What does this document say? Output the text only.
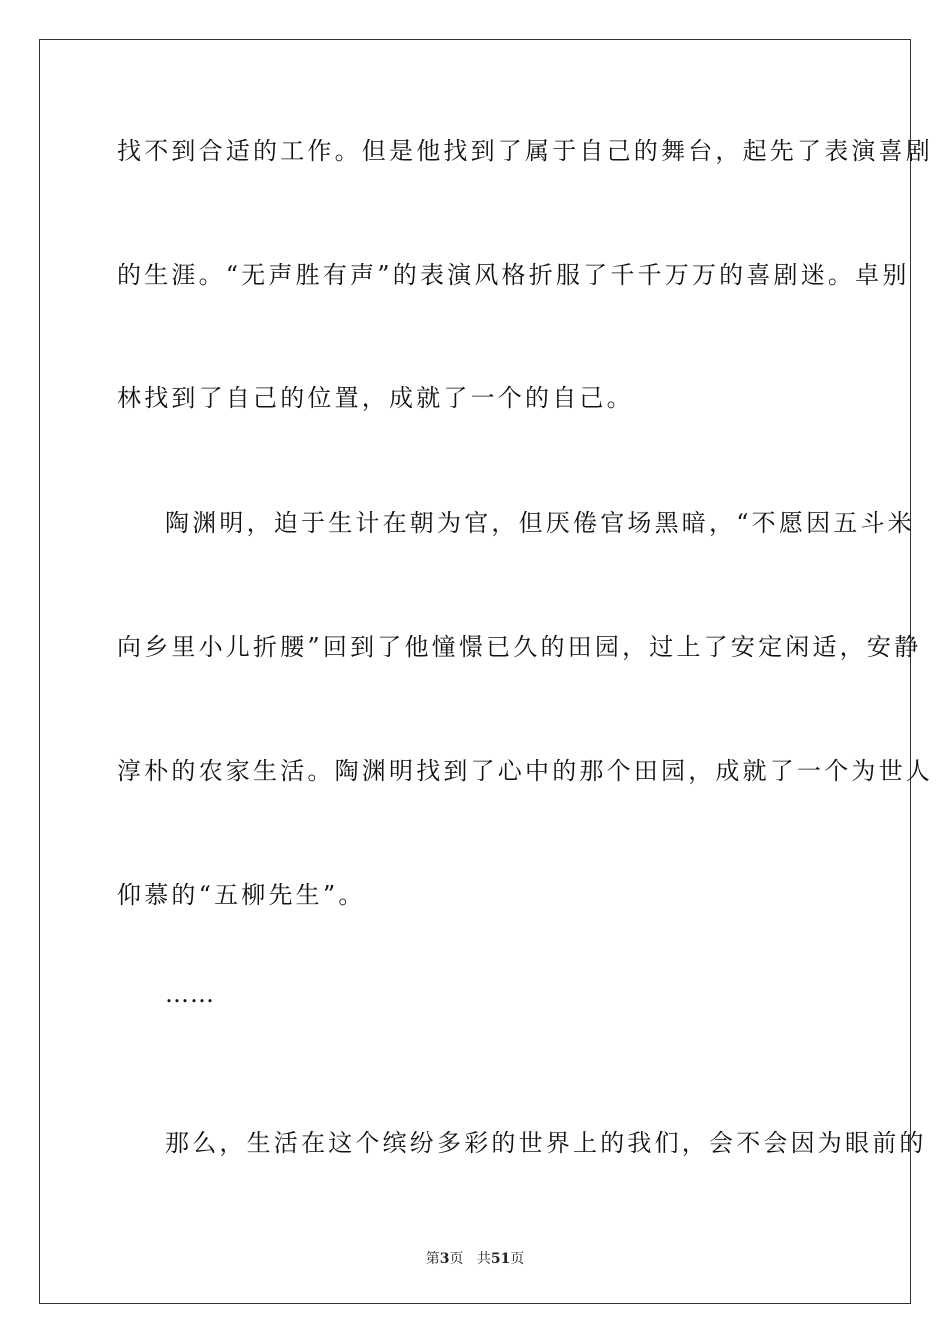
找不到合适的工作。但是他找到了属于自己的舞台，起先了表演喜剧
的生涯。“无声胜有声”的表演风格折服了千千万万的喜剧迷。卓别
林找到了自己的位置，成就了一个的自己。
陶渊明，迫于生计在朝为官，但厌倦官场黑暗，“不愿因五斗米
向乡里小儿折腰”回到了他憧憬已久的田园，过上了安定闲适，安静
淳朴的农家生活。陶渊明找到了心中的那个田园，成就了一个为世人
仰慕的“五柳先生”。
……
那么，生活在这个缤纷多彩的世界上的我们，会不会因为眼前的
第3页 共51页
